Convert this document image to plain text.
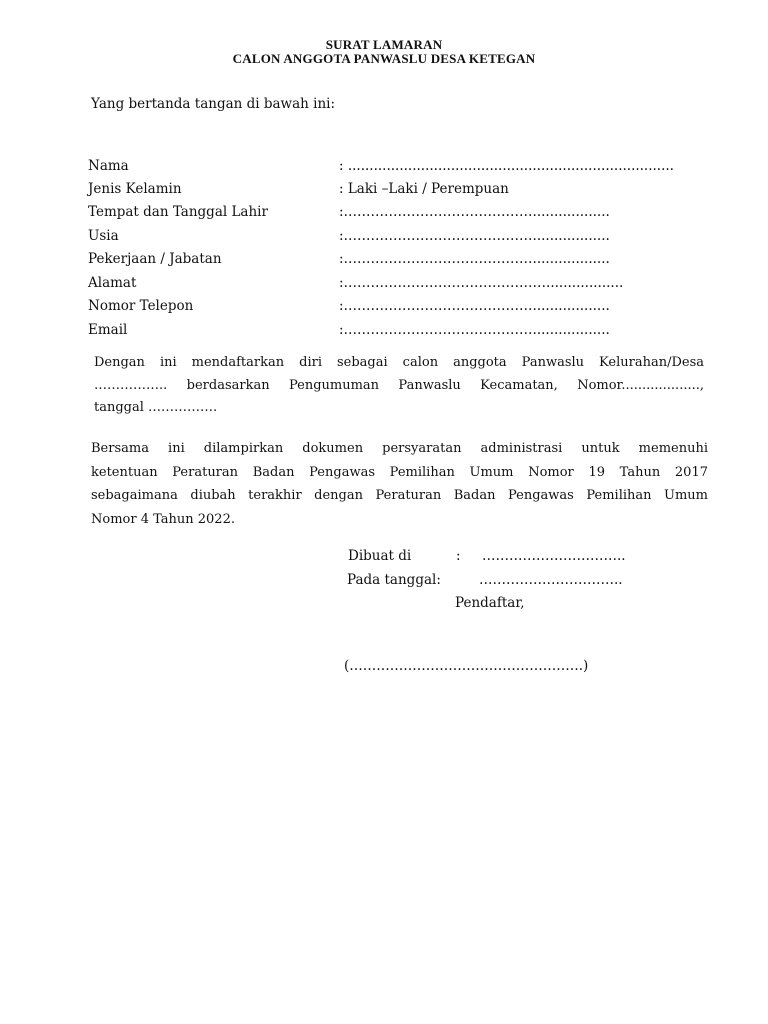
SURAT LAMARAN
CALON ANGGOTA PANWASLU DESA KETEGAN
Yang bertanda tangan di bawah ini:
Nama	: ............................................................................
Jenis Kelamin	: Laki –Laki / Perempuan
Tempat dan Tanggal Lahir	:……………………………………..................
Usia	:……………………………………..................
Pekerjaan / Jabatan	:……………………………………..................
Alamat	:………………………………………..................
Nomor Telepon	:……………………………………..................
Email	:……………………………………..................
Dengan ini mendaftarkan diri sebagai calon anggota Panwaslu Kelurahan/Desa
…………….. berdasarkan Pengumuman Panwaslu Kecamatan, Nomor...................,
tanggal …………….
Bersama ini dilampirkan dokumen persyaratan administrasi untuk memenuhi
ketentuan Peraturan Badan Pengawas Pemilihan Umum Nomor 19 Tahun 2017
sebagaimana diubah terakhir dengan Peraturan Badan Pengawas Pemilihan Umum
Nomor 4 Tahun 2022.
Dibuat di	: …………………………..
Pada tanggal:	…………………………..
Pendaftar,
(…………………………………………….)
